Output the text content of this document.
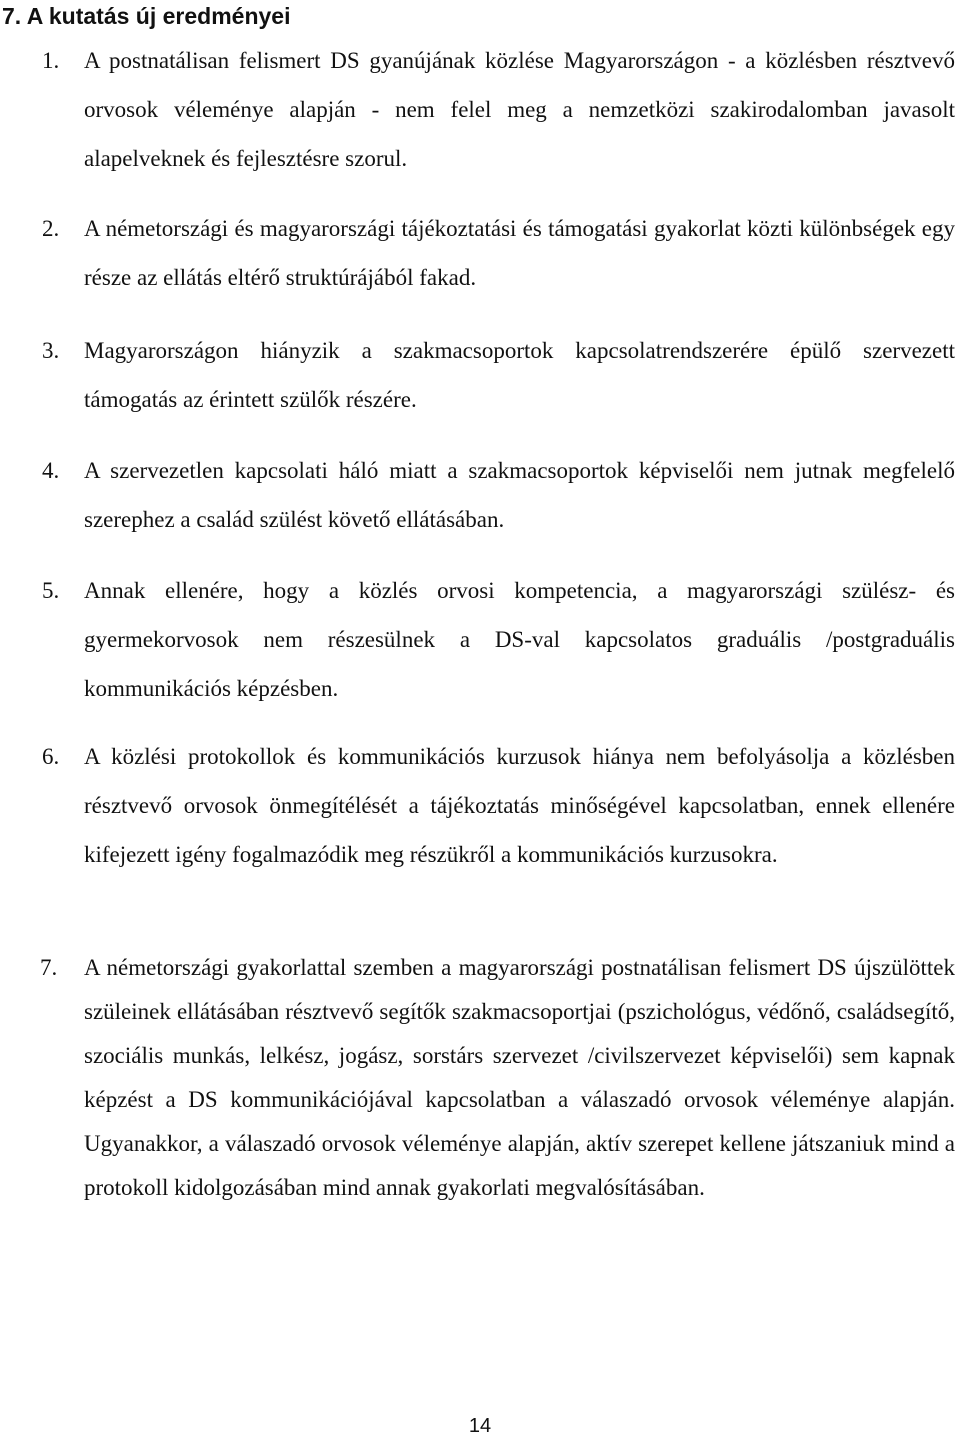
7. A kutatás új eredményei
1. A postnatálisan felismert DS gyanújának közlése Magyarországon - a közlésben résztvevő orvosok véleménye alapján - nem felel meg a nemzetközi szakirodalomban javasolt alapelveknek és fejlesztésre szorul.
2. A németországi és magyarországi tájékoztatási és támogatási gyakorlat közti különbségek egy része az ellátás eltérő struktúrájából fakad.
3. Magyarországon hiányzik a szakmacsoportok kapcsolatrendszerére épülő szervezett támogatás az érintett szülők részére.
4. A szervezetlen kapcsolati háló miatt a szakmacsoportok képviselői nem jutnak megfelelő szerephez a család szülést követő ellátásában.
5. Annak ellenére, hogy a közlés orvosi kompetencia, a magyarországi szülész- és gyermekorvosok nem részesülnek a DS-val kapcsolatos graduális /postgraduális kommunikációs képzésben.
6. A közlési protokollok és kommunikációs kurzusok hiánya nem befolyásolja a közlésben résztvevő orvosok önmegítélését a tájékoztatás minőségével kapcsolatban, ennek ellenére kifejezett igény fogalmazódik meg részükről a kommunikációs kurzusokra.
7. A németországi gyakorlattal szemben a magyarországi postnatálisan felismert DS újszülöttek szüleinek ellátásában résztvevő segítők szakmacsoportjai (pszichológus, védőnő, családsegítő, szociális munkás, lelkész, jogász, sorstárs szervezet /civilszervezet képviselői) sem kapnak képzést a DS kommunikációjával kapcsolatban a válaszadó orvosok véleménye alapján. Ugyanakkor, a válaszadó orvosok véleménye alapján, aktív szerepet kellene játszaniuk mind a protokoll kidolgozásában mind annak gyakorlati megvalósításában.

14
